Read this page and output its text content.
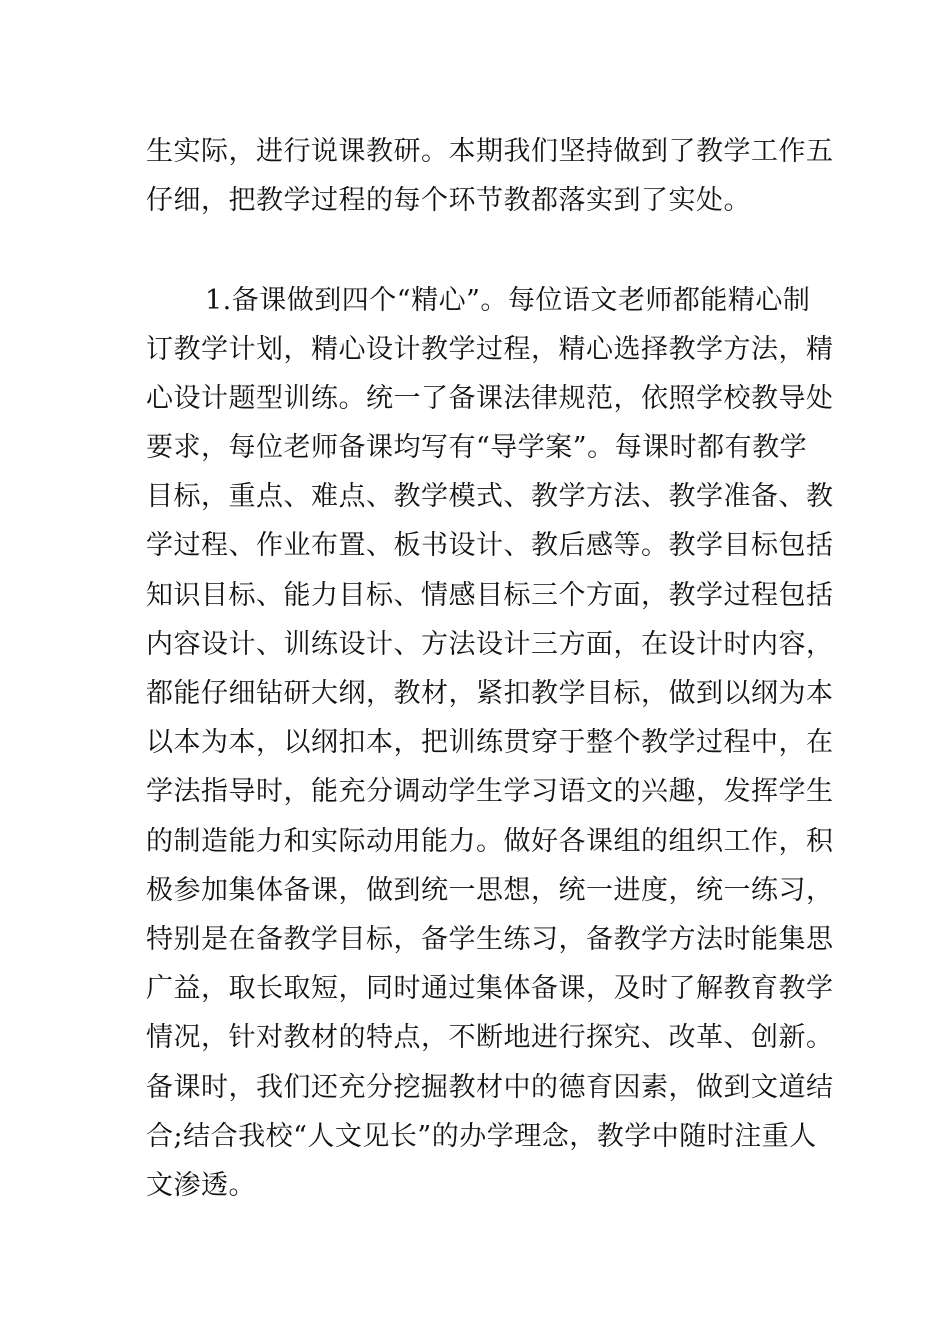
生实际，进行说课教研。本期我们坚持做到了教学工作五
仔细，把教学过程的每个环节教都落实到了实处。
1.备课做到四个“精心”。每位语文老师都能精心制
订教学计划，精心设计教学过程，精心选择教学方法，精
心设计题型训练。统一了备课法律规范，依照学校教导处
要求，每位老师备课均写有“导学案”。每课时都有教学
目标，重点、难点、教学模式、教学方法、教学准备、教
学过程、作业布置、板书设计、教后感等。教学目标包括
知识目标、能力目标、情感目标三个方面，教学过程包括
内容设计、训练设计、方法设计三方面，在设计时内容，
都能仔细钻研大纲，教材，紧扣教学目标，做到以纲为本
以本为本，以纲扣本，把训练贯穿于整个教学过程中，在
学法指导时，能充分调动学生学习语文的兴趣，发挥学生
的制造能力和实际动用能力。做好各课组的组织工作，积
极参加集体备课，做到统一思想，统一进度，统一练习，
特别是在备教学目标，备学生练习，备教学方法时能集思
广益，取长取短，同时通过集体备课，及时了解教育教学
情况，针对教材的特点，不断地进行探究、改革、创新。
备课时，我们还充分挖掘教材中的德育因素，做到文道结
合;结合我校“人文见长”的办学理念，教学中随时注重人
文渗透。
